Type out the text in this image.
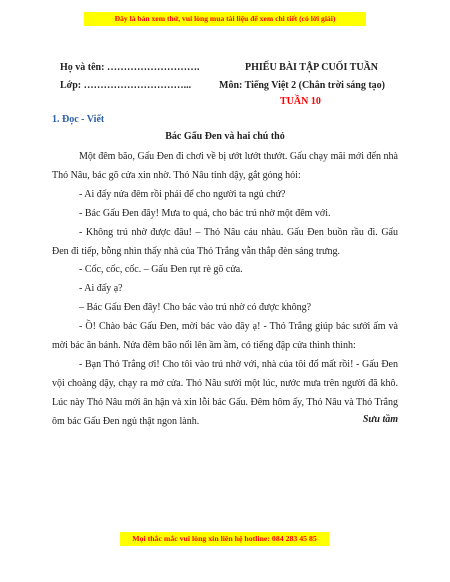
Đây là bản xem thử, vui lòng mua tài liệu để xem chi tiết (có lời giải)
Họ và tên: ……………………….	PHIẾU BÀI TẬP CUỐI TUẦN
Lớp: …………………………...	Môn: Tiếng Việt 2 (Chân trời sáng tạo)
TUẦN 10
1. Đọc - Viết
Bác Gấu Đen và hai chú thỏ

Một đêm bão, Gấu Đen đi chơi về bị ướt lướt thướt. Gấu chạy mãi mới đến nhà Thỏ Nâu, bác gõ cửa xin nhờ. Thỏ Nâu tỉnh dậy, gắt gỏng hỏi:

- Ai đấy nửa đêm rồi phải để cho người ta ngủ chứ?

- Bác Gấu Đen đây! Mưa to quá, cho bác trú nhờ một đêm với.

- Không trú nhờ được đâu! – Thỏ Nâu cáu nhàu. Gấu Đen buồn rầu đi. Gấu Đen đi tiếp, bỗng nhìn thấy nhà của Thỏ Trắng vẫn thắp đèn sáng trưng.

- Cốc, cốc, cốc. – Gấu Đen rụt rè gõ cửa.

- Ai đấy ạ?

– Bác Gấu Đen đây! Cho bác vào trú nhờ có được không?

- Ồ! Chào bác Gấu Đen, mời bác vào đây ạ! - Thỏ Trắng giúp bác sưởi ấm và mời bác ăn bánh. Nửa đêm bão nổi lên ầm ầm, có tiếng đập cửa thình thình:

- Bạn Thỏ Trắng ơi! Cho tôi vào trú nhờ với, nhà của tôi đổ mất rồi! - Gấu Đen vội choàng dậy, chạy ra mở cửa. Thỏ Nâu sưởi một lúc, nước mưa trên người đã khô. Lúc này Thỏ Nâu mới ân hận và xin lỗi bác Gấu. Đêm hôm ấy, Thỏ Nâu và Thỏ Trắng ôm bác Gấu Đen ngủ thật ngon lành.	Sưu tầm
Mọi thắc mắc vui lòng xin liên hệ hotline: 084 283 45 85
